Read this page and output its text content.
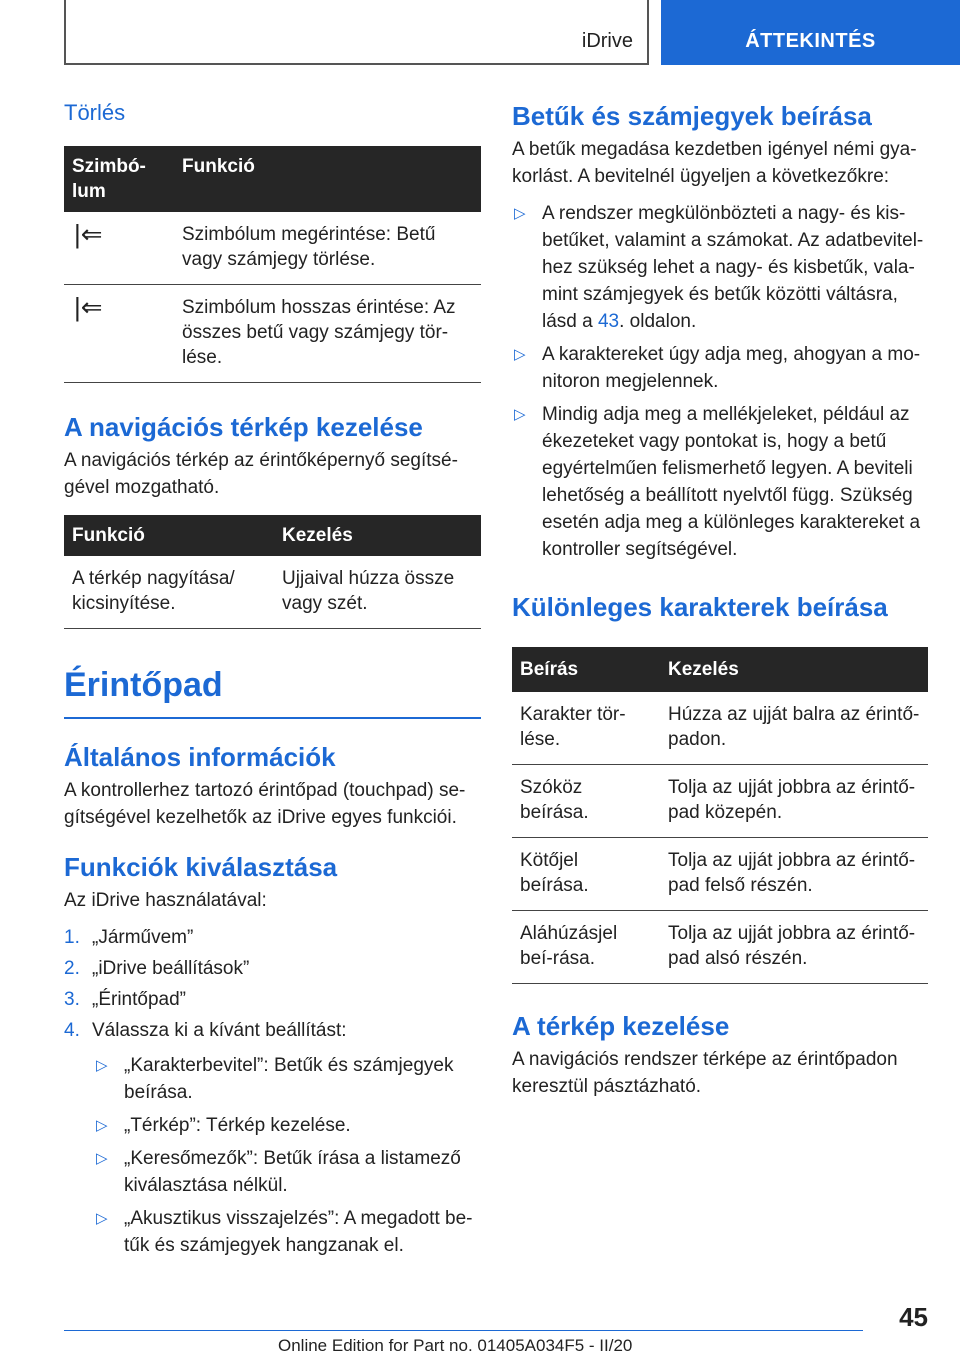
iDrive	ÁTTEKINTÉS
Törlés
Szimbó-lum	Funkció
|⇐	Szimbólum megérintése: Betű vagy számjegy törlése.
|⇐	Szimbólum hosszas érintése: Az összes betű vagy számjegy tör-lése.
A navigációs térkép kezelése

A navigációs térkép az érintőképernyő segítsé-gével mozgatható.

Funkció	Kezelés
A térkép nagyítása/ kicsinyítése.	Ujjaival húzza össze vagy szét.
Érintőpad
Általános információk

A kontrollerhez tartozó érintőpad (touchpad) se-gítségével kezelhetők az iDrive egyes funkciói.

Funkciók kiválasztása

Az iDrive használatával:

1. „Járművem”
2. „iDrive beállítások”
3. „Érintőpad”
4. Válassza ki a kívánt beállítást:
▷ „Karakterbevitel”: Betűk és számjegyek beírása.
▷ „Térkép”: Térkép kezelése.
▷ „Keresőmezők”: Betűk írása a listamező kiválasztása nélkül.
▷ „Akusztikus visszajelzés”: A megadott be-tűk és számjegyek hangzanak el.
Betűk és számjegyek beírása

A betűk megadása kezdetben igényel némi gya-korlást. A bevitelnél ügyeljen a következőkre:

▷ A rendszer megkülönbözteti a nagy- és kis-betűket, valamint a számokat. Az adatbevitel-hez szükség lehet a nagy- és kisbetűk, vala-mint számjegyek és betűk közötti váltásra, lásd a 43. oldalon.
▷ A karaktereket úgy adja meg, ahogyan a mo-nitoron megjelennek.
▷ Mindig adja meg a mellékjeleket, például az ékezeteket vagy pontokat is, hogy a betű egyértelműen felismerhető legyen. A beviteli lehetőség a beállított nyelvtől függ. Szükség esetén adja meg a különleges karaktereket a kontroller segítségével.
Különleges karakterek beírása
Beírás	Kezelés
Karakter tör-lése.	Húzza az ujját balra az érintő-padon.
Szóköz beírása.	Tolja az ujját jobbra az érintő-pad közepén.
Kötőjel beírása.	Tolja az ujját jobbra az érintő-pad felső részén.
Aláhúzásjel beí-rása.	Tolja az ujját jobbra az érintő-pad alsó részén.
A térkép kezelése

A navigációs rendszer térképe az érintőpadon keresztül pásztázható.

45
Online Edition for Part no. 01405A034F5 - II/20
